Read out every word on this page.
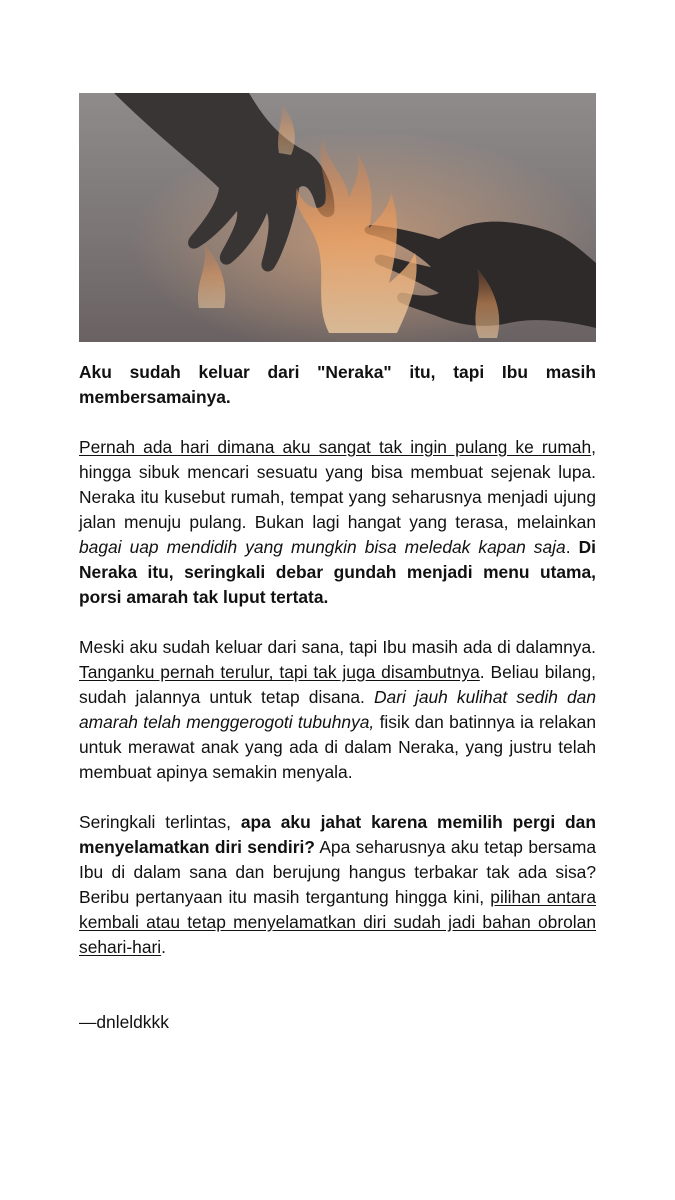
Aku sudah keluar dari "Neraka" itu, tapi Ibu masih membersamainya.

Pernah ada hari dimana aku sangat tak ingin pulang ke rumah, hingga sibuk mencari sesuatu yang bisa membuat sejenak lupa. Neraka itu kusebut rumah, tempat yang seharusnya menjadi ujung jalan menuju pulang. Bukan lagi hangat yang terasa, melainkan bagai uap mendidih yang mungkin bisa meledak kapan saja. Di Neraka itu, seringkali debar gundah menjadi menu utama, porsi amarah tak luput tertata.

Meski aku sudah keluar dari sana, tapi Ibu masih ada di dalamnya. Tanganku pernah terulur, tapi tak juga disambutnya. Beliau bilang, sudah jalannya untuk tetap disana. Dari jauh kulihat sedih dan amarah telah menggerogoti tubuhnya, fisik dan batinnya ia relakan untuk merawat anak yang ada di dalam Neraka, yang justru telah membuat apinya semakin menyala.

Seringkali terlintas, apa aku jahat karena memilih pergi dan menyelamatkan diri sendiri? Apa seharusnya aku tetap bersama Ibu di dalam sana dan berujung hangus terbakar tak ada sisa? Beribu pertanyaan itu masih tergantung hingga kini, pilihan antara kembali atau tetap menyelamatkan diri sudah jadi bahan obrolan sehari-hari.

—dnleldkkk
